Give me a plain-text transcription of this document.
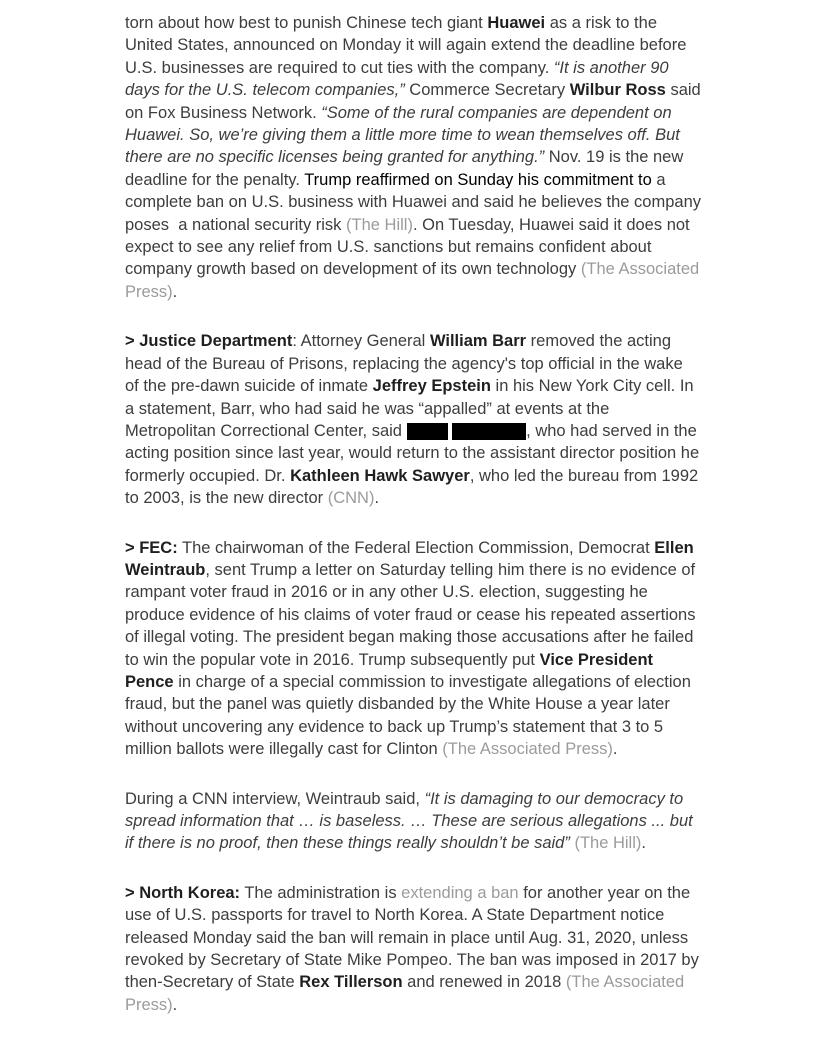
torn about how best to punish Chinese tech giant Huawei as a risk to the United States, announced on Monday it will again extend the deadline before U.S. businesses are required to cut ties with the company. “It is another 90 days for the U.S. telecom companies,” Commerce Secretary Wilbur Ross said on Fox Business Network. “Some of the rural companies are dependent on Huawei. So, we’re giving them a little more time to wean themselves off. But there are no specific licenses being granted for anything.” Nov. 19 is the new deadline for the penalty. Trump reaffirmed on Sunday his commitment to a complete ban on U.S. business with Huawei and said he believes the company poses  a national security risk (The Hill). On Tuesday, Huawei said it does not expect to see any relief from U.S. sanctions but remains confident about company growth based on development of its own technology (The Associated Press).

> Justice Department: Attorney General William Barr removed the acting head of the Bureau of Prisons, replacing the agency's top official in the wake of the pre-dawn suicide of inmate Jeffrey Epstein in his New York City cell. In a statement, Barr, who had said he was “appalled” at events at the Metropolitan Correctional Center, said	, who had served in the acting position since last year, would return to the assistant director position he formerly occupied. Dr. Kathleen Hawk Sawyer, who led the bureau from 1992 to 2003, is the new director (CNN).

> FEC: The chairwoman of the Federal Election Commission, Democrat Ellen Weintraub, sent Trump a letter on Saturday telling him there is no evidence of rampant voter fraud in 2016 or in any other U.S. election, suggesting he produce evidence of his claims of voter fraud or cease his repeated assertions of illegal voting. The president began making those accusations after he failed to win the popular vote in 2016. Trump subsequently put Vice President Pence in charge of a special commission to investigate allegations of election fraud, but the panel was quietly disbanded by the White House a year later without uncovering any evidence to back up Trump’s statement that 3 to 5 million ballots were illegally cast for Clinton (The Associated Press).

During a CNN interview, Weintraub said, “It is damaging to our democracy to spread information that … is baseless. … These are serious allegations ... but if there is no proof, then these things really shouldn’t be said” (The Hill).

> North Korea: The administration is extending a ban for another year on the use of U.S. passports for travel to North Korea. A State Department notice released Monday said the ban will remain in place until Aug. 31, 2020, unless revoked by Secretary of State Mike Pompeo. The ban was imposed in 2017 by then-Secretary of State Rex Tillerson and renewed in 2018 (The Associated Press).
